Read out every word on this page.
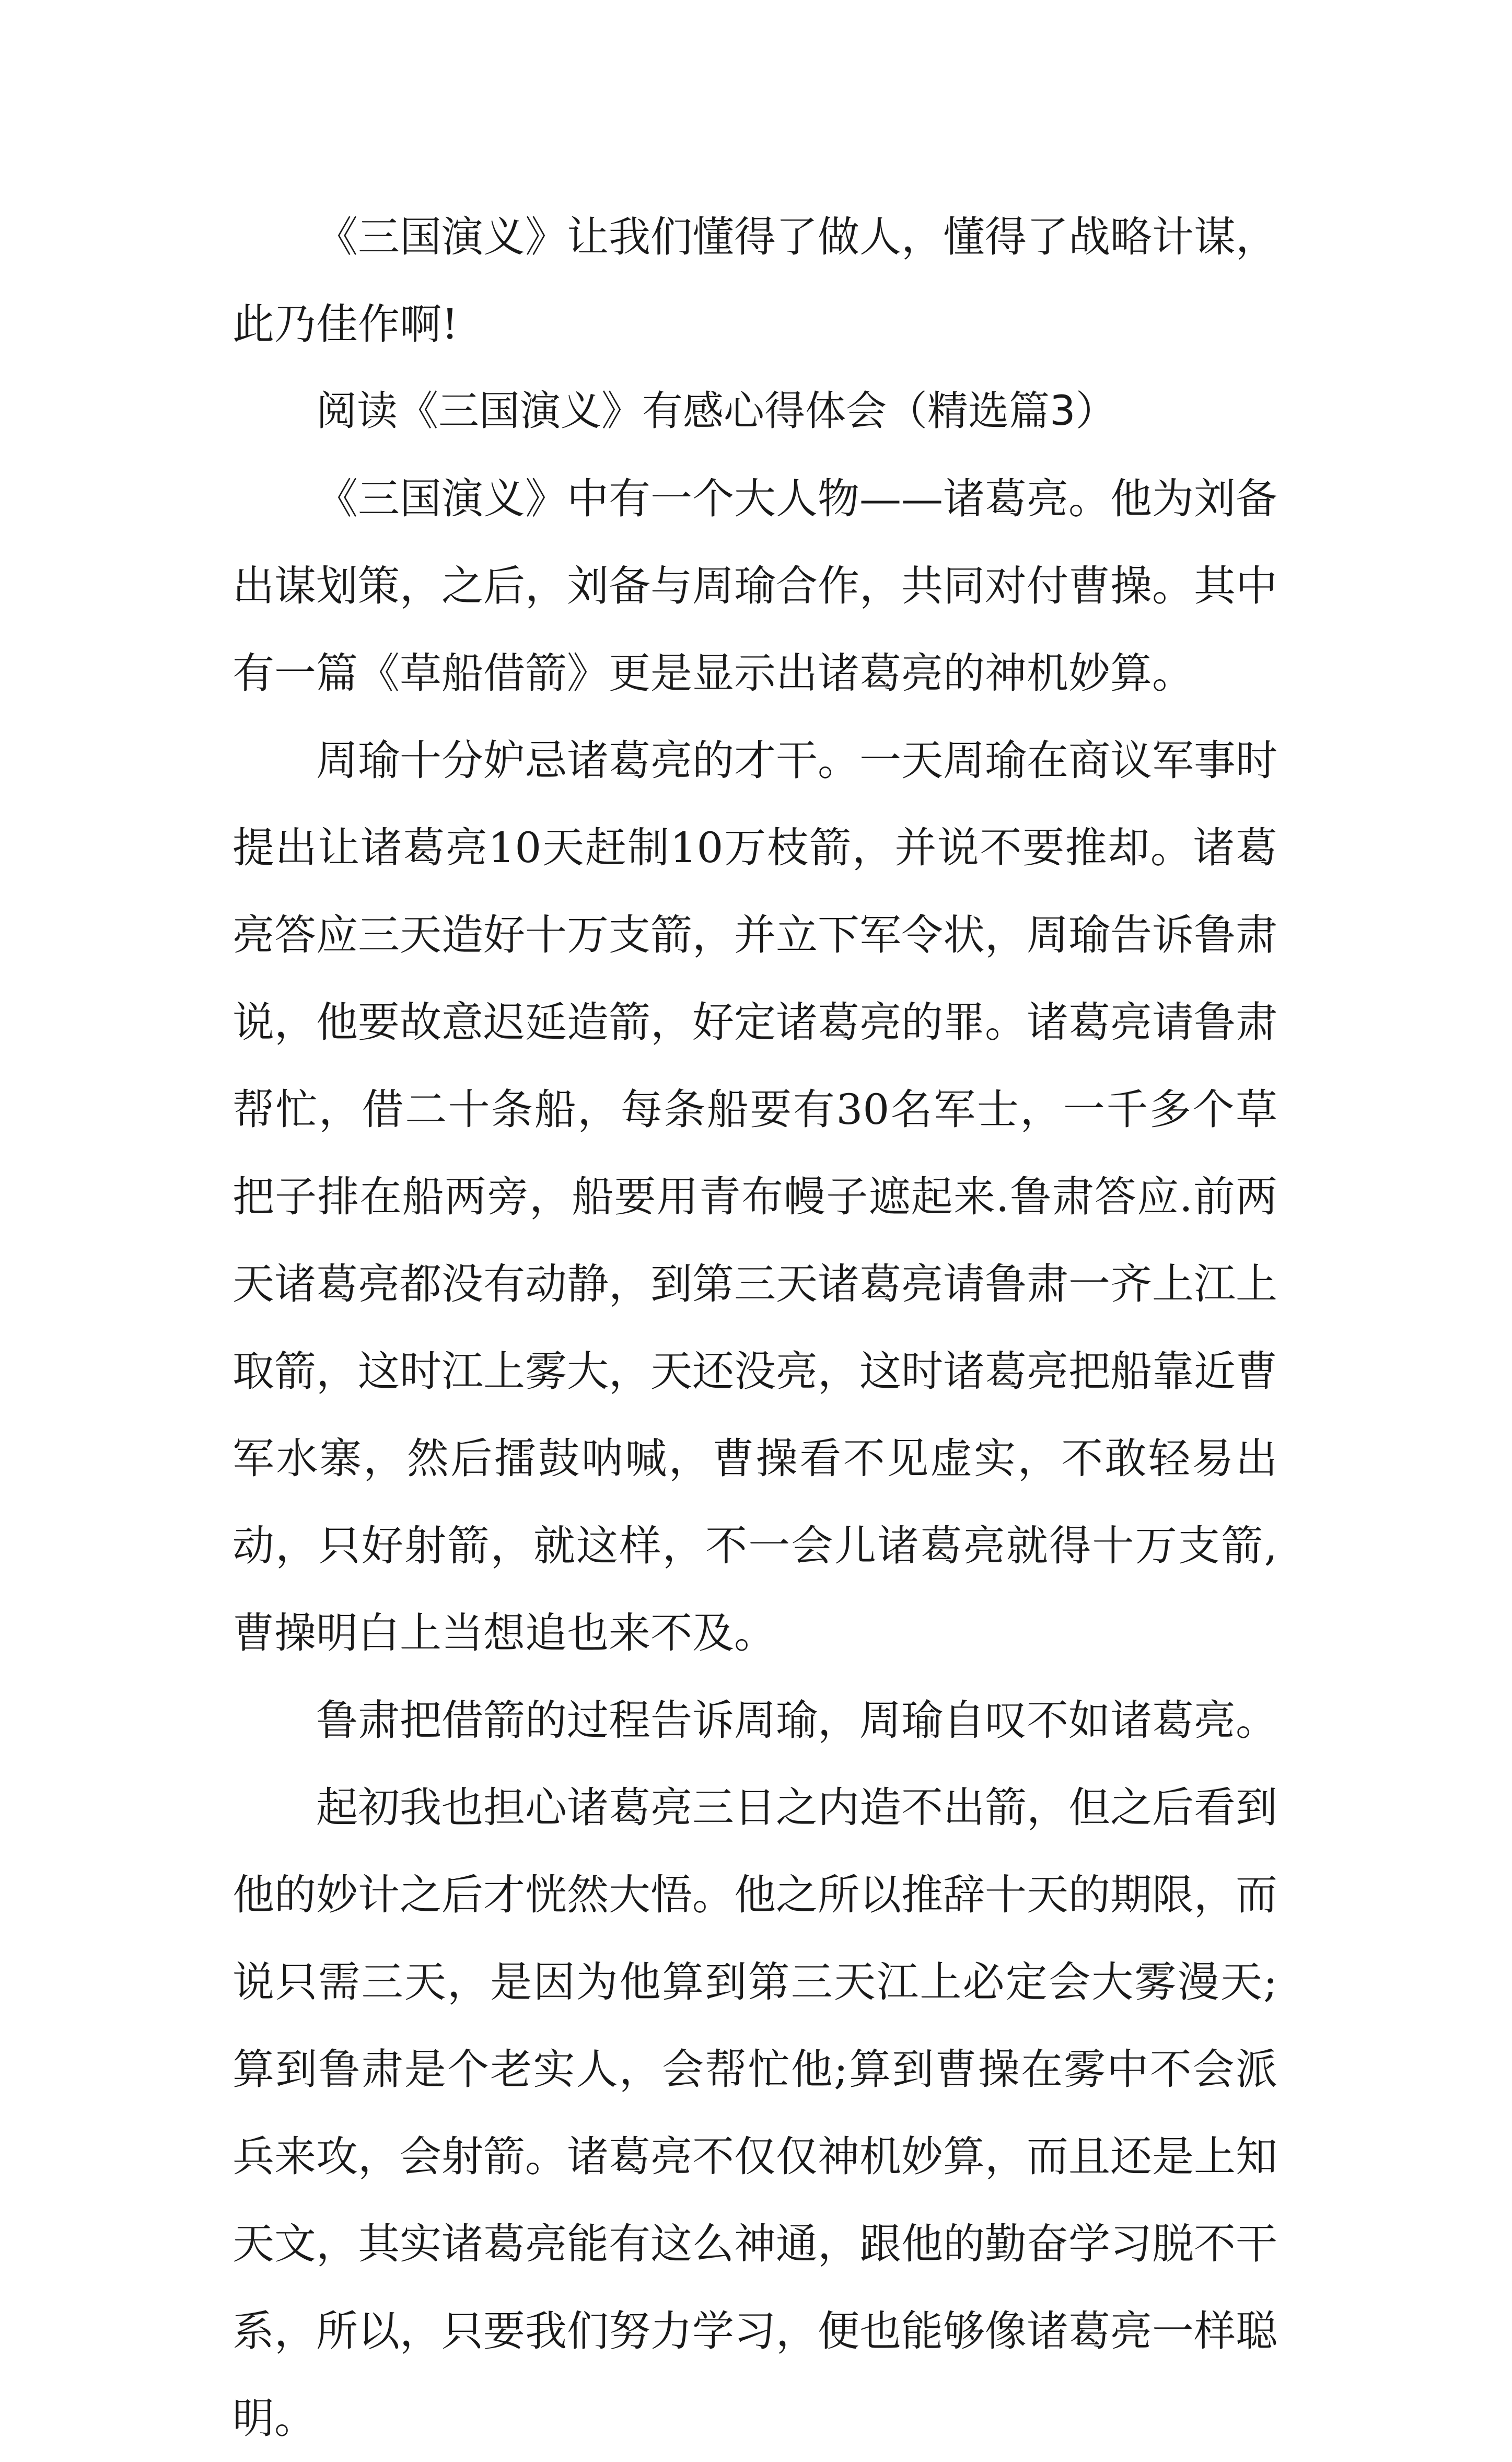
《三国演义》让我们懂得了做人，懂得了战略计谋，此乃佳作啊!

阅读《三国演义》有感心得体会（精选篇3）

《三国演义》中有一个大人物——诸葛亮。他为刘备出谋划策，之后，刘备与周瑜合作，共同对付曹操。其中有一篇《草船借箭》更是显示出诸葛亮的神机妙算。

周瑜十分妒忌诸葛亮的才干。一天周瑜在商议军事时提出让诸葛亮10天赶制10万枝箭，并说不要推却。诸葛亮答应三天造好十万支箭，并立下军令状，周瑜告诉鲁肃说，他要故意迟延造箭，好定诸葛亮的罪。诸葛亮请鲁肃帮忙，借二十条船，每条船要有30名军士，一千多个草把子排在船两旁，船要用青布幔子遮起来.鲁肃答应.前两天诸葛亮都没有动静，到第三天诸葛亮请鲁肃一齐上江上取箭，这时江上雾大，天还没亮，这时诸葛亮把船靠近曹军水寨，然后擂鼓呐喊，曹操看不见虚实，不敢轻易出动，只好射箭，就这样，不一会儿诸葛亮就得十万支箭,曹操明白上当想追也来不及。

鲁肃把借箭的过程告诉周瑜，周瑜自叹不如诸葛亮。

起初我也担心诸葛亮三日之内造不出箭，但之后看到他的妙计之后才恍然大悟。他之所以推辞十天的期限，而说只需三天，是因为他算到第三天江上必定会大雾漫天;算到鲁肃是个老实人，会帮忙他;算到曹操在雾中不会派兵来攻，会射箭。诸葛亮不仅仅神机妙算，而且还是上知天文，其实诸葛亮能有这么神通，跟他的勤奋学习脱不干系，所以，只要我们努力学习，便也能够像诸葛亮一样聪明。
